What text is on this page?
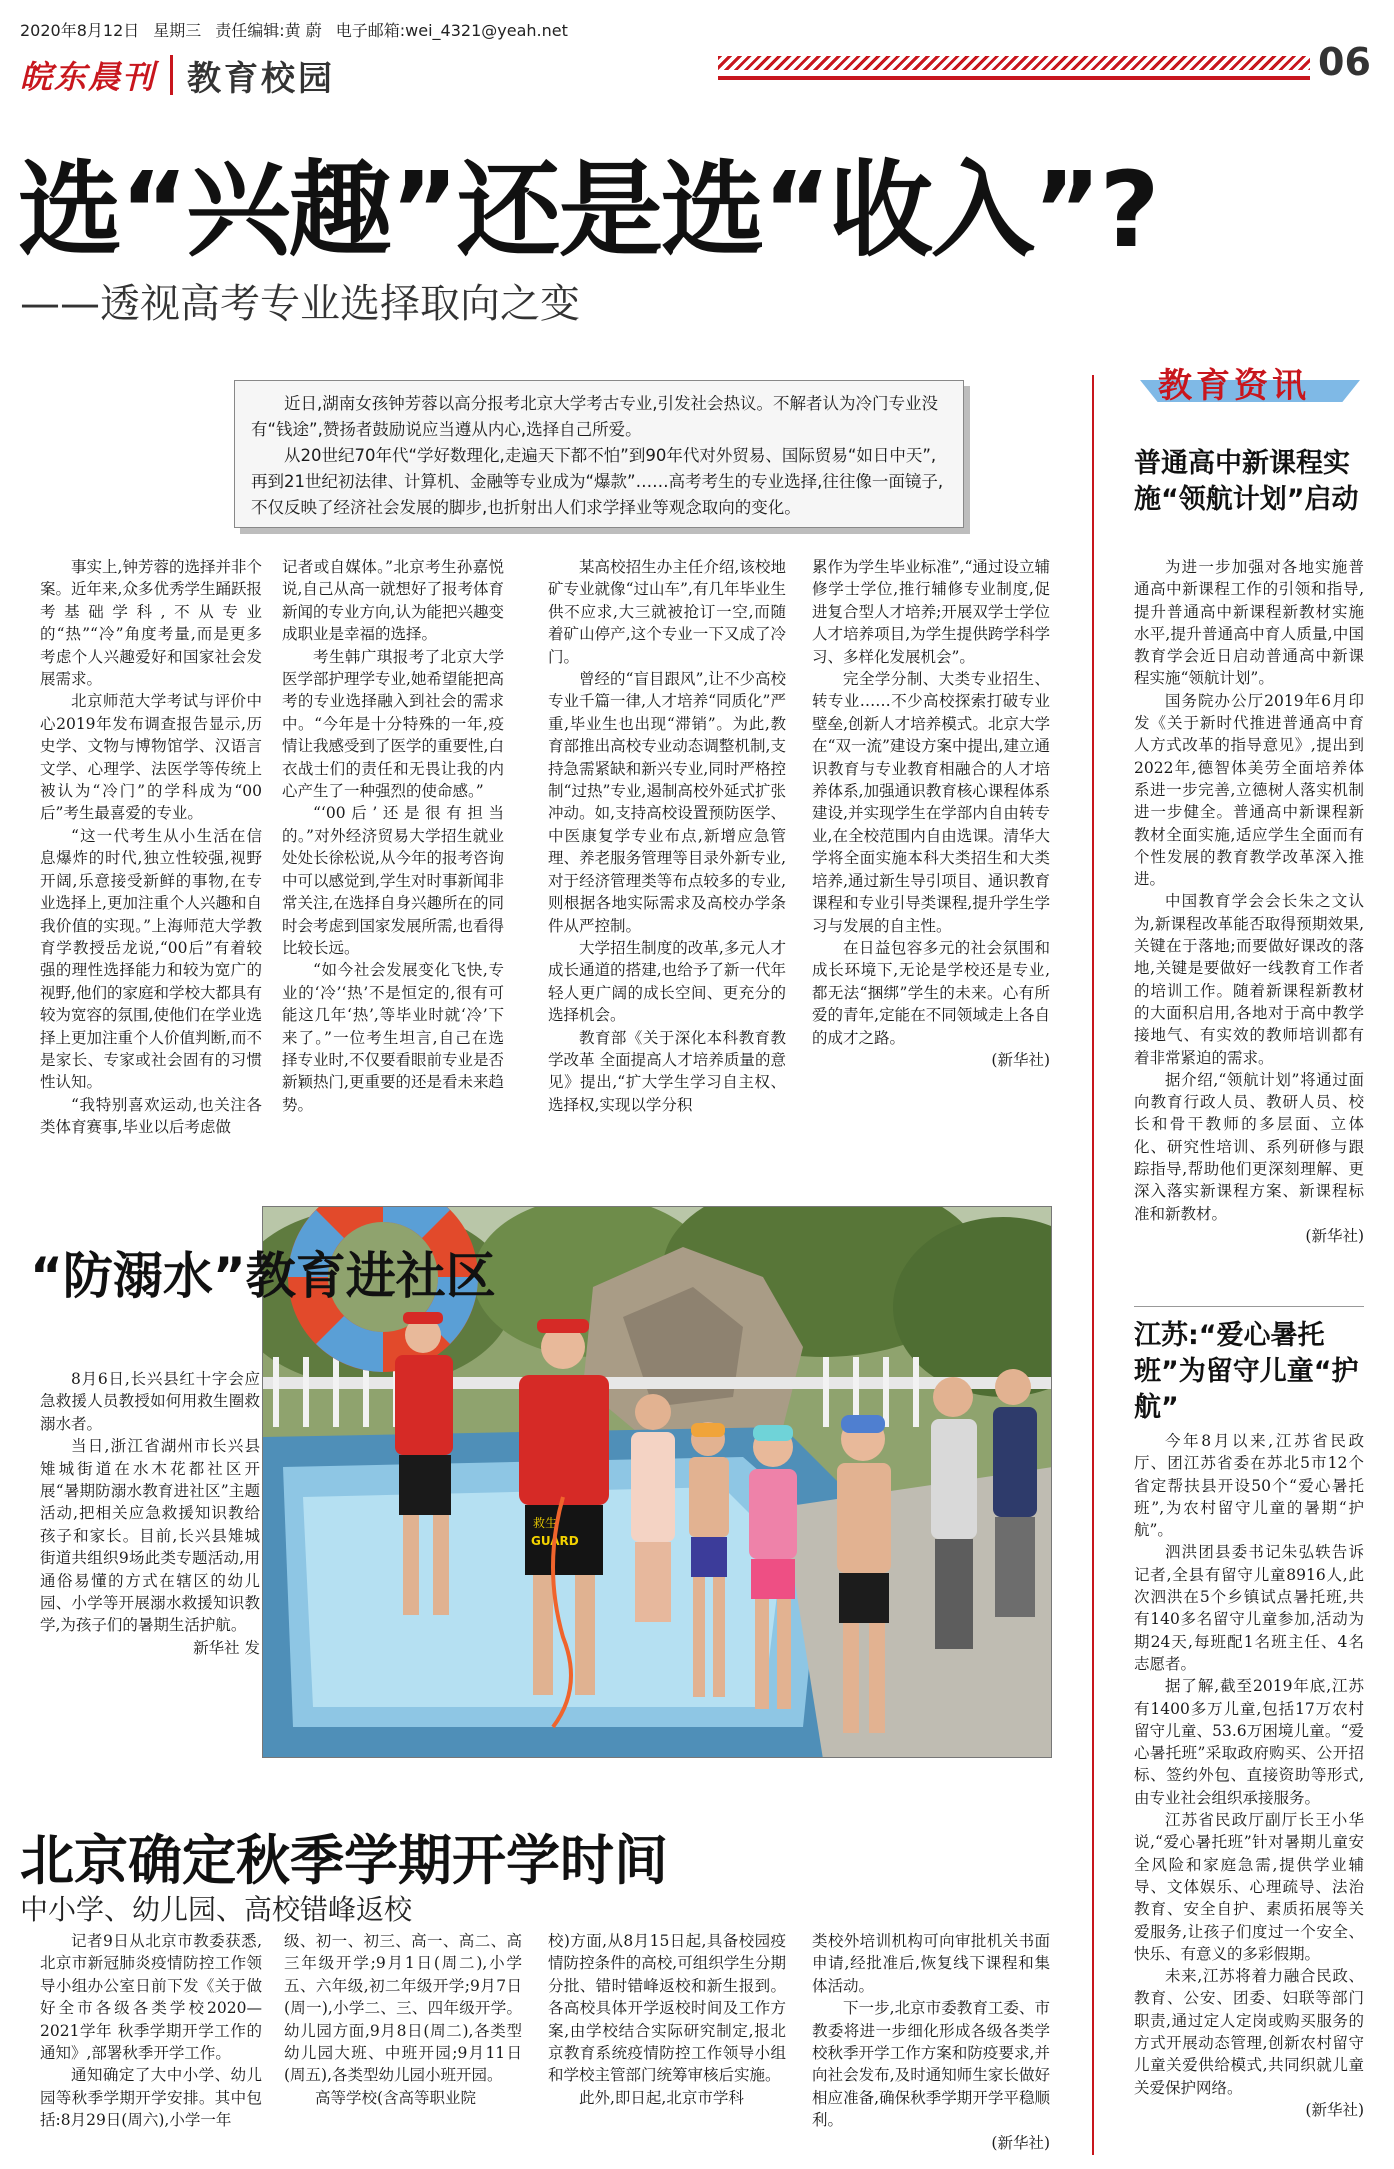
2020年8月12日 星期三 责任编辑:黄 蔚 电子邮箱:wei_4321@yeah.net
皖东晨刊 教育校园	06
选“兴趣”还是选“收入”?
——透视高考专业选择取向之变

近日,湖南女孩钟芳蓉以高分报考北京大学考古专业,引发社会热议。不解者认为冷门专业没有“钱途”,赞扬者鼓励说应当遵从内心,选择自己所爱。

从20世纪70年代“学好数理化,走遍天下都不怕”到90年代对外贸易、国际贸易“如日中天”,再到21世纪初法律、计算机、金融等专业成为“爆款”……高考考生的专业选择,往往像一面镜子,不仅反映了经济社会发展的脚步,也折射出人们求学择业等观念取向的变化。

事实上,钟芳蓉的选择并非个案。近年来,众多优秀学生踊跃报考基础学科,不从专业的“热”“冷”角度考量,而是更多考虑个人兴趣爱好和国家社会发展需求。

北京师范大学考试与评价中心2019年发布调查报告显示,历史学、文物与博物馆学、汉语言文学、心理学、法医学等传统上被认为“冷门”的学科成为“00后”考生最喜爱的专业。

“这一代考生从小生活在信息爆炸的时代,独立性较强,视野开阔,乐意接受新鲜的事物,在专业选择上,更加注重个人兴趣和自我价值的实现。”上海师范大学教育学教授岳龙说,“00后”有着较强的理性选择能力和较为宽广的视野,他们的家庭和学校大都具有较为宽容的氛围,使他们在学业选择上更加注重个人价值判断,而不是家长、专家或社会固有的习惯性认知。

“我特别喜欢运动,也关注各类体育赛事,毕业以后考虑做

记者或自媒体。”北京考生孙嘉悦说,自己从高一就想好了报考体育新闻的专业方向,认为能把兴趣变成职业是幸福的选择。

考生韩广琪报考了北京大学医学部护理学专业,她希望能把高考的专业选择融入到社会的需求中。“今年是十分特殊的一年,疫情让我感受到了医学的重要性,白衣战士们的责任和无畏让我的内心产生了一种强烈的使命感。”

“‘00后’还是很有担当的。”对外经济贸易大学招生就业处处长徐松说,从今年的报考咨询中可以感觉到,学生对时事新闻非常关注,在选择自身兴趣所在的同时会考虑到国家发展所需,也看得比较长远。

“如今社会发展变化飞快,专业的‘冷’‘热’不是恒定的,很有可能这几年‘热’,等毕业时就‘冷’下来了。”一位考生坦言,自己在选择专业时,不仅要看眼前专业是否新颖热门,更重要的还是看未来趋势。

某高校招生办主任介绍,该校地矿专业就像“过山车”,有几年毕业生供不应求,大三就被抢订一空,而随着矿山停产,这个专业一下又成了冷门。

曾经的“盲目跟风”,让不少高校专业千篇一律,人才培养“同质化”严重,毕业生也出现“滞销”。为此,教育部推出高校专业动态调整机制,支持急需紧缺和新兴专业,同时严格控制“过热”专业,遏制高校外延式扩张冲动。如,支持高校设置预防医学、中医康复学专业布点,新增应急管理、养老服务管理等目录外新专业,对于经济管理类等布点较多的专业,则根据各地实际需求及高校办学条件从严控制。

大学招生制度的改革,多元人才成长通道的搭建,也给予了新一代年轻人更广阔的成长空间、更充分的选择机会。

教育部《关于深化本科教育教学改革 全面提高人才培养质量的意见》提出,“扩大学生学习自主权、选择权,实现以学分积

累作为学生毕业标准”,“通过设立辅修学士学位,推行辅修专业制度,促进复合型人才培养;开展双学士学位人才培养项目,为学生提供跨学科学习、多样化发展机会”。

完全学分制、大类专业招生、转专业……不少高校探索打破专业壁垒,创新人才培养模式。北京大学在“双一流”建设方案中提出,建立通识教育与专业教育相融合的人才培养体系,加强通识教育核心课程体系建设,并实现学生在学部内自由转专业,在全校范围内自由选课。清华大学将全面实施本科大类招生和大类培养,通过新生导引项目、通识教育课程和专业引导类课程,提升学生学习与发展的自主性。

在日益包容多元的社会氛围和成长环境下,无论是学校还是专业,都无法“捆绑”学生的未来。心有所爱的青年,定能在不同领域走上各自的成才之路。

(新华社)

教育资讯
普通高中新课程实施“领航计划”启动

为进一步加强对各地实施普通高中新课程工作的引领和指导,提升普通高中新课程新教材实施水平,提升普通高中育人质量,中国教育学会近日启动普通高中新课程实施“领航计划”。

国务院办公厅2019年6月印发《关于新时代推进普通高中育人方式改革的指导意见》,提出到2022年,德智体美劳全面培养体系进一步完善,立德树人落实机制进一步健全。普通高中新课程新教材全面实施,适应学生全面而有个性发展的教育教学改革深入推进。

中国教育学会会长朱之文认为,新课程改革能否取得预期效果,关键在于落地;而要做好课改的落地,关键是要做好一线教育工作者的培训工作。随着新课程新教材的大面积启用,各地对于高中教学接地气、有实效的教师培训都有着非常紧迫的需求。

据介绍,“领航计划”将通过面向教育行政人员、教研人员、校长和骨干教师的多层面、立体化、研究性培训、系列研修与跟踪指导,帮助他们更深刻理解、更深入落实新课程方案、新课程标准和新教材。

(新华社)

江苏:“爱心暑托班”为留守儿童“护航”

今年8月以来,江苏省民政厅、团江苏省委在苏北5市12个省定帮扶县开设50个“爱心暑托班”,为农村留守儿童的暑期“护航”。

泗洪团县委书记朱弘轶告诉记者,全县有留守儿童8916人,此次泗洪在5个乡镇试点暑托班,共有140多名留守儿童参加,活动为期24天,每班配1名班主任、4名志愿者。

据了解,截至2019年底,江苏有1400多万儿童,包括17万农村留守儿童、53.6万困境儿童。“爱心暑托班”采取政府购买、公开招标、签约外包、直接资助等形式,由专业社会组织承接服务。

江苏省民政厅副厅长王小华说,“爱心暑托班”针对暑期儿童安全风险和家庭急需,提供学业辅导、文体娱乐、心理疏导、法治教育、安全自护、素质拓展等关爱服务,让孩子们度过一个安全、快乐、有意义的多彩假期。

未来,江苏将着力融合民政、教育、公安、团委、妇联等部门职责,通过定人定岗或购买服务的方式开展动态管理,创新农村留守儿童关爱供给模式,共同织就儿童关爱保护网络。

(新华社)

“防溺水”教育进社区

8月6日,长兴县红十字会应急救援人员教授如何用救生圈救溺水者。

当日,浙江省湖州市长兴县雉城街道在水木花都社区开展“暑期防溺水教育进社区”主题活动,把相关应急救援知识教给孩子和家长。目前,长兴县雉城街道共组织9场此类专题活动,用通俗易懂的方式在辖区的幼儿园、小学等开展溺水救援知识教学,为孩子们的暑期生活护航。

新华社 发

救生
GUARD
北京确定秋季学期开学时间
中小学、幼儿园、高校错峰返校

记者9日从北京市教委获悉,北京市新冠肺炎疫情防控工作领导小组办公室日前下发《关于做好全市各级各类学校2020—2021学年 秋季学期开学工作的通知》,部署秋季开学工作。

通知确定了大中小学、幼儿园等秋季学期开学安排。其中包括:8月29日(周六),小学一年

级、初一、初三、高一、高二、高三年级开学;9月1日(周二),小学五、六年级,初二年级开学;9月7日(周一),小学二、三、四年级开学。幼儿园方面,9月8日(周二),各类型幼儿园大班、中班开园;9月11日(周五),各类型幼儿园小班开园。

高等学校(含高等职业院

校)方面,从8月15日起,具备校园疫情防控条件的高校,可组织学生分期分批、错时错峰返校和新生报到。各高校具体开学返校时间及工作方案,由学校结合实际研究制定,报北京教育系统疫情防控工作领导小组和学校主管部门统筹审核后实施。

此外,即日起,北京市学科

类校外培训机构可向审批机关书面申请,经批准后,恢复线下课程和集体活动。

下一步,北京市委教育工委、市教委将进一步细化形成各级各类学校秋季开学工作方案和防疫要求,并向社会发布,及时通知师生家长做好相应准备,确保秋季学期开学平稳顺利。

(新华社)
